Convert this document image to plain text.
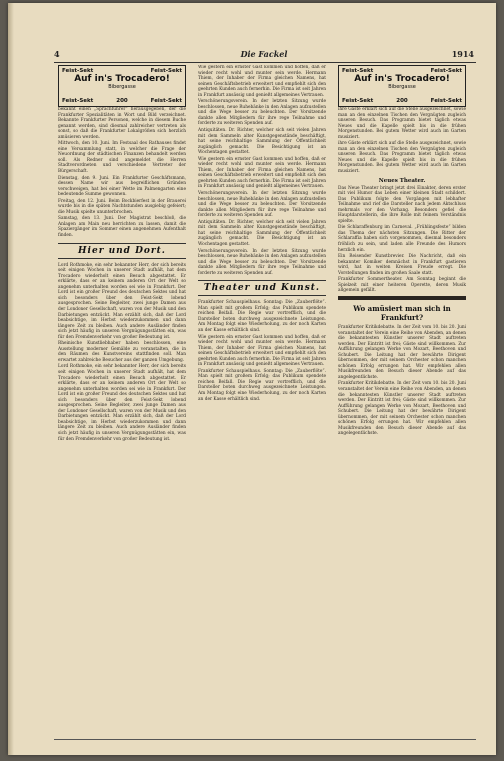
4	Die Fackel	1914
Feist-Sekt	Feist-Sekt
Auf in's Trocadero!
Bibergasse
Feist-Sekt	200	Feist-Sekt

bekannt einen „Sprachführer“ herausgegeben, der die Frankfurter Spezialitäten in Wort und Bild verzeichnet. Bekannte Frankfurter Personen, welche in diesem Buche genannt werden, sind diesmal zahlreicher vertreten als sonst, so daß die Frankfurter Lokalgrößen sich herzlich amüsieren werden.

Mittwoch, den 10. Juni. Im Festsaal des Rathauses findet eine Versammlung statt, in welcher die Frage der Neuordnung der städtischen Finanzen behandelt werden soll. Als Redner sind angemeldet die Herren Stadtverordneten und verschiedene Vertreter der Bürgerschaft.

Dienstag, den 9. Juni. Ein Frankfurter Geschäftsmann, dessen Name wir aus begreiflichen Gründen verschweigen, hat bei einer Wette im Palmengarten eine bedeutende Summe gewonnen.

Freitag, den 12. Juni. Beim Bockbierfest in der Brauerei wurde bis in die späten Nachtstunden ausgiebig gefeiert; die Musik spielte ununterbrochen.

Samstag, den 13. Juni. Der Magistrat beschloß, die Anlagen am Main neu herrichten zu lassen, damit die Spaziergänger im Sommer einen angenehmen Aufenthalt finden.

Hier und Dort.

Lord Rothmoke, ein sehr bekannter Herr, der sich bereits seit einigen Wochen in unserer Stadt aufhält, hat dem Trocadero wiederholt einen Besuch abgestattet. Er erklärte, dass er an keinem anderen Ort der Welt so angenehm unterhalten worden sei wie in Frankfurt. Der Lord ist ein großer Freund des deutschen Sektes und hat sich besonders über den Feist-Sekt lobend ausgesprochen. Seine Begleiter, zwei junge Damen aus der Londoner Gesellschaft, waren von der Musik und den Darbietungen entzückt. Man erzählt sich, daß der Lord beabsichtige, im Herbst wiederzukommen und dann längere Zeit zu bleiben. Auch andere Ausländer finden sich jetzt häufig in unseren Vergnügungsstätten ein, was für den Fremdenverkehr von großer Bedeutung ist.

Rheinische Kunstliebhaber haben beschlossen, eine Ausstellung moderner Gemälde zu veranstalten, die in den Räumen des Kunstvereins stattfinden soll. Man erwartet zahlreiche Besucher aus der ganzen Umgebung.

Lord Rothmoke, ein sehr bekannter Herr, der sich bereits seit einigen Wochen in unserer Stadt aufhält, hat dem Trocadero wiederholt einen Besuch abgestattet. Er erklärte, dass er an keinem anderen Ort der Welt so angenehm unterhalten worden sei wie in Frankfurt. Der Lord ist ein großer Freund des deutschen Sektes und hat sich besonders über den Feist-Sekt lobend ausgesprochen. Seine Begleiter, zwei junge Damen aus der Londoner Gesellschaft, waren von der Musik und den Darbietungen entzückt. Man erzählt sich, daß der Lord beabsichtige, im Herbst wiederzukommen und dann längere Zeit zu bleiben. Auch andere Ausländer finden sich jetzt häufig in unseren Vergnügungsstätten ein, was für den Fremdenverkehr von großer Bedeutung ist.

Wie gestern ein ernster Gast kommen und hoffen, daß er wieder recht wohl und munter sein werde. Hermann Thiem, der Inhaber der Firma gleichen Namens, hat seinen Geschäftsbetrieb erweitert und empfiehlt sich den geehrten Kunden auch fernerhin. Die Firma ist seit Jahren in Frankfurt ansässig und genießt allgemeines Vertrauen.

Verschönerungsverein. In der letzten Sitzung wurde beschlossen, neue Ruhebänke in den Anlagen aufzustellen und die Wege besser zu beleuchten. Der Vorsitzende dankte allen Mitgliedern für ihre rege Teilnahme und forderte zu weiteren Spenden auf.

Antiquitäten. Dr. Richter, welcher sich seit vielen Jahren mit dem Sammeln alter Kunstgegenstände beschäftigt, hat seine reichhaltige Sammlung der Öffentlichkeit zugänglich gemacht. Die Besichtigung ist an Wochentagen gestattet.

Wie gestern ein ernster Gast kommen und hoffen, daß er wieder recht wohl und munter sein werde. Hermann Thiem, der Inhaber der Firma gleichen Namens, hat seinen Geschäftsbetrieb erweitert und empfiehlt sich den geehrten Kunden auch fernerhin. Die Firma ist seit Jahren in Frankfurt ansässig und genießt allgemeines Vertrauen.

Verschönerungsverein. In der letzten Sitzung wurde beschlossen, neue Ruhebänke in den Anlagen aufzustellen und die Wege besser zu beleuchten. Der Vorsitzende dankte allen Mitgliedern für ihre rege Teilnahme und forderte zu weiteren Spenden auf.

Antiquitäten. Dr. Richter, welcher sich seit vielen Jahren mit dem Sammeln alter Kunstgegenstände beschäftigt, hat seine reichhaltige Sammlung der Öffentlichkeit zugänglich gemacht. Die Besichtigung ist an Wochentagen gestattet.

Verschönerungsverein. In der letzten Sitzung wurde beschlossen, neue Ruhebänke in den Anlagen aufzustellen und die Wege besser zu beleuchten. Der Vorsitzende dankte allen Mitgliedern für ihre rege Teilnahme und forderte zu weiteren Spenden auf.

Theater und Kunst.

Frankfurter Schauspielhaus. Sonntag: Die „Zauberflöte“. Man spielt mit großem Erfolg; das Publikum spendete reichen Beifall. Die Regie war vortrefflich, und die Darsteller boten durchweg ausgezeichnete Leistungen. Am Montag folgt eine Wiederholung, zu der noch Karten an der Kasse erhältlich sind.

Wie gestern ein ernster Gast kommen und hoffen, daß er wieder recht wohl und munter sein werde. Hermann Thiem, der Inhaber der Firma gleichen Namens, hat seinen Geschäftsbetrieb erweitert und empfiehlt sich den geehrten Kunden auch fernerhin. Die Firma ist seit Jahren in Frankfurt ansässig und genießt allgemeines Vertrauen.

Frankfurter Schauspielhaus. Sonntag: Die „Zauberflöte“. Man spielt mit großem Erfolg; das Publikum spendete reichen Beifall. Die Regie war vortrefflich, und die Darsteller boten durchweg ausgezeichnete Leistungen. Am Montag folgt eine Wiederholung, zu der noch Karten an der Kasse erhältlich sind.

Feist-Sekt	Feist-Sekt
Auf in's Trocadero!
Bibergasse
Feist-Sekt	200	Feist-Sekt

ihre Gäste erklärt sich auf die Stelle ausgezeichnet, sowie man an den einzelnen Tischen den Vergnügten zugleich unseren Besuch. Das Programm bietet täglich etwas Neues und die Kapelle spielt bis in die frühen Morgenstunden. Bei gutem Wetter wird auch im Garten musiziert.

ihre Gäste erklärt sich auf die Stelle ausgezeichnet, sowie man an den einzelnen Tischen den Vergnügten zugleich unseren Besuch. Das Programm bietet täglich etwas Neues und die Kapelle spielt bis in die frühen Morgenstunden. Bei gutem Wetter wird auch im Garten musiziert.

Neues Theater.

Das Neue Theater bringt jetzt drei Einakter, deren erster mit viel Humor das Leben einer kleinen Stadt schildert. Das Publikum folgte den Vorgängen mit lebhafter Teilnahme und rief die Darsteller nach jedem Aktschluss mehrmals vor den Vorhang. Besonders gefiel die Hauptdarstellerin, die ihre Rolle mit feinem Verständnis spielte.

Die Schlaraffenburg im Carneval. „Frühlingsfeste“ bilden das Thema der nächsten Sitzungen. Die Ritter der Schlaraffia haben sich vorgenommen, diesmal besonders fröhlich zu sein, und laden alle Freunde des Humors herzlich ein.

Ein Reisender Kunstbrevier. Die Nachricht, daß ein bekannter Komiker demnächst in Frankfurt gastieren wird, hat in weiten Kreisen Freude erregt. Die Vorstellungen finden im großen Saale statt.

Frankfurter Sommertheater. Am Sonntag beginnt die Spielzeit mit einer heiteren Operette, deren Musik allgemein gefällt.

Wo amüsiert man sich in Frankfurt?

Frankfurter Kritikdebatte. In der Zeit vom 10. bis 20. Juni veranstaltet der Verein eine Reihe von Abenden, an denen die bekanntesten Künstler unserer Stadt auftreten werden. Der Eintritt ist frei; Gäste sind willkommen. Zur Aufführung gelangen Werke von Mozart, Beethoven und Schubert. Die Leitung hat der bewährte Dirigent übernommen, der mit seinem Orchester schon manchen schönen Erfolg errungen hat. Wir empfehlen allen Musikfreunden den Besuch dieser Abende auf das angelegentlichste.

Frankfurter Kritikdebatte. In der Zeit vom 10. bis 20. Juni veranstaltet der Verein eine Reihe von Abenden, an denen die bekanntesten Künstler unserer Stadt auftreten werden. Der Eintritt ist frei; Gäste sind willkommen. Zur Aufführung gelangen Werke von Mozart, Beethoven und Schubert. Die Leitung hat der bewährte Dirigent übernommen, der mit seinem Orchester schon manchen schönen Erfolg errungen hat. Wir empfehlen allen Musikfreunden den Besuch dieser Abende auf das angelegentlichste.
